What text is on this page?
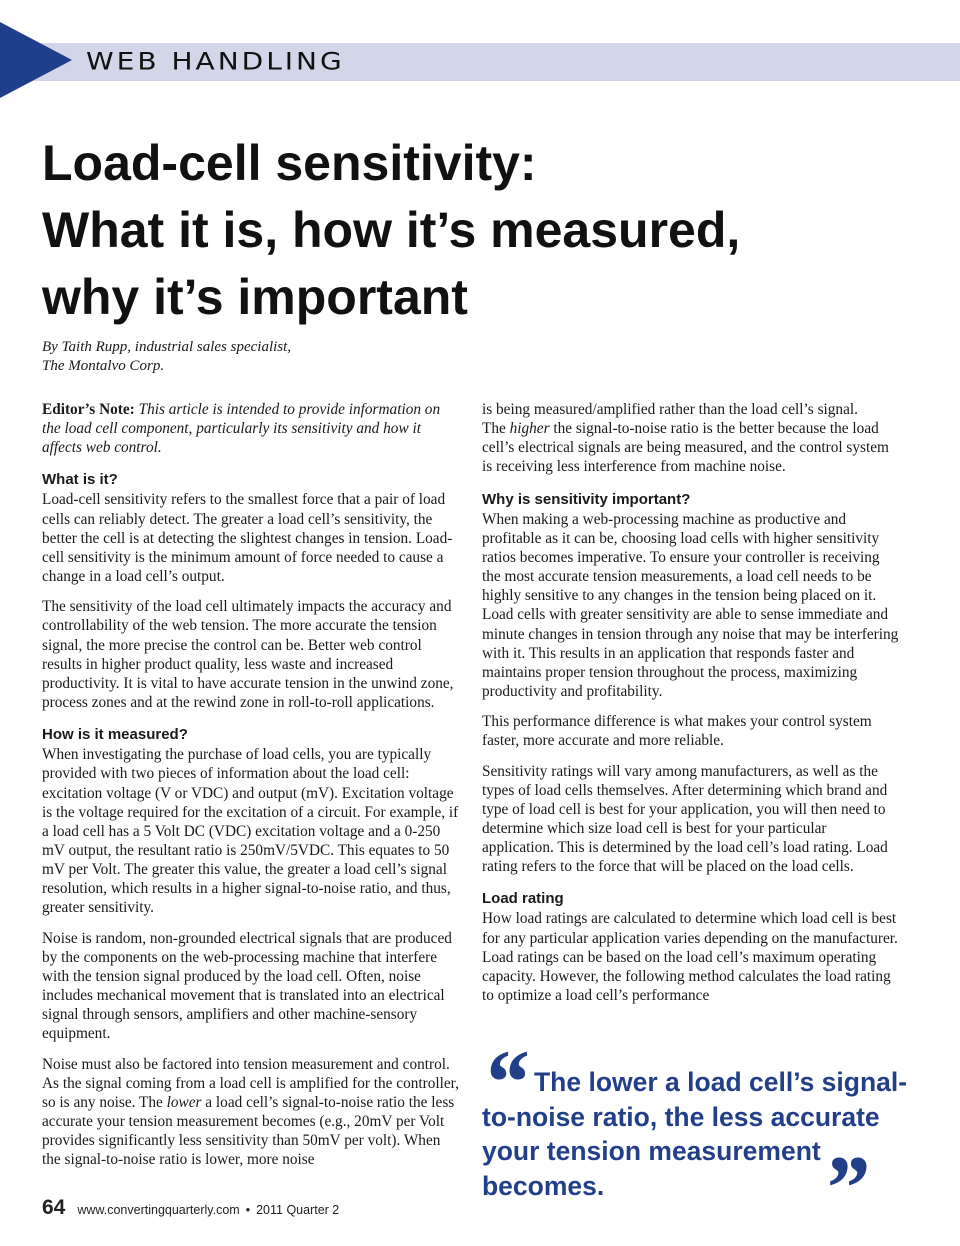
WEB HANDLING
Load-cell sensitivity:
What it is, how it’s measured,
why it’s important
By Taith Rupp, industrial sales specialist,
The Montalvo Corp.

Editor’s Note: This article is intended to provide information on the load cell component, particularly its sensitivity and how it affects web control.

What is it?

Load-cell sensitivity refers to the smallest force that a pair of load cells can reliably detect. The greater a load cell’s sensitivity, the better the cell is at detecting the slightest changes in tension. Load-cell sensitivity is the minimum amount of force needed to cause a change in a load cell’s output.

The sensitivity of the load cell ultimately impacts the accuracy and controllability of the web tension. The more accurate the tension signal, the more precise the control can be. Better web control results in higher product quality, less waste and increased productivity. It is vital to have accurate tension in the unwind zone, process zones and at the rewind zone in roll-to-roll applications.

How is it measured?

When investigating the purchase of load cells, you are typically provided with two pieces of information about the load cell: excitation voltage (V or VDC) and output (mV). Excitation voltage is the voltage required for the excitation of a circuit. For example, if a load cell has a 5 Volt DC (VDC) excitation voltage and a 0-250 mV output, the resultant ratio is 250mV/5VDC. This equates to 50 mV per Volt. The greater this value, the greater a load cell’s signal resolution, which results in a higher signal-to-noise ratio, and thus, greater sensitivity.

Noise is random, non-grounded electrical signals that are produced by the components on the web-processing machine that interfere with the tension signal produced by the load cell. Often, noise includes mechanical movement that is translated into an electrical signal through sensors, amplifiers and other machine-sensory equipment.

Noise must also be factored into tension measurement and control. As the signal coming from a load cell is amplified for the controller, so is any noise. The lower a load cell’s signal-to-noise ratio the less accurate your tension measurement becomes (e.g., 20mV per Volt provides significantly less sensitivity than 50mV per volt). When the signal-to-noise ratio is lower, more noise

is being measured/amplified rather than the load cell’s signal.

The higher the signal-to-noise ratio is the better because the load cell’s electrical signals are being measured, and the control system is receiving less interference from machine noise.

Why is sensitivity important?

When making a web-processing machine as productive and profitable as it can be, choosing load cells with higher sensitivity ratios becomes imperative. To ensure your controller is receiving the most accurate tension measurements, a load cell needs to be highly sensitive to any changes in the tension being placed on it. Load cells with greater sensitivity are able to sense immediate and minute changes in tension through any noise that may be interfering with it. This results in an application that responds faster and maintains proper tension throughout the process, maximizing productivity and profitability.

This performance difference is what makes your control system faster, more accurate and more reliable.

Sensitivity ratings will vary among manufacturers, as well as the types of load cells themselves. After determining which brand and type of load cell is best for your application, you will then need to determine which size load cell is best for your particular application. This is determined by the load cell’s load rating. Load rating refers to the force that will be placed on the load cells.

Load rating

How load ratings are calculated to determine which load cell is best for any particular application varies depending on the manufacturer. Load ratings can be based on the load cell’s maximum operating capacity. However, the following method calculates the load rating to optimize a load cell’s performance

“ The lower a load cell’s signal-to-noise ratio, the less accurate your tension measurement becomes.	”
64 www.convertingquarterly.com • 2011 Quarter 2
